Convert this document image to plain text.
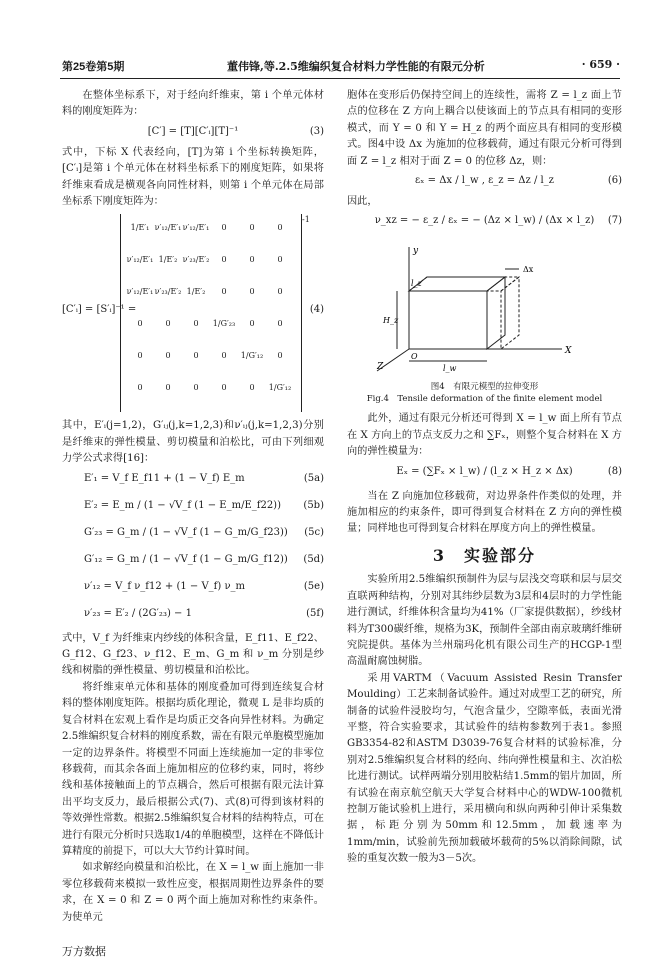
第25卷第5期	董伟锋,等.2.5维编织复合材料力学性能的有限元分析	· 659 ·

在整体坐标系下，对于经向纤维束，第 i 个单元体材料的刚度矩阵为：

[C′] = [T][C′ᵢ][T]⁻¹	(3)

式中，下标 X 代表经向，[T]为第 i 个坐标转换矩阵，[C′ᵢ]是第 i 个单元体在材料坐标系下的刚度矩阵，如果将纤维束看成是横观各向同性材料，则第 i 个单元体在局部坐标系下刚度矩阵为：

[C′ᵢ] = [S′ᵢ]⁻¹ =
1/E′₁ ν′₁₂/E′₁ ν′₁₂/E′₁	0	0	0
ν′₁₂/E′₁ 1/E′₂ ν′₂₃/E′₂	0	0	0
ν′₁₂/E′₁ ν′₂₃/E′₂ 1/E′₂	0	0	0
0	0	0	1/G′₂₃	0	0
0	0	0	0	1/G′₁₂	0
0	0	0	0	0	1/G′₁₂
-1
(4)

其中，E′ᵢ(j=1,2)，G′ᵢⱼ(j,k=1,2,3)和ν′ᵢⱼ(j,k=1,2,3)分别是纤维束的弹性模量、剪切模量和泊松比，可由下列细观力学公式求得[16]：

E′₁ = V_f E_f11 + (1 − V_f) E_m	(5a)
E′₂ = E_m / (1 − √V_f (1 − E_m/E_f22))	(5b)
G′₂₃ = G_m / (1 − √V_f (1 − G_m/G_f23))	(5c)
G′₁₂ = G_m / (1 − √V_f (1 − G_m/G_f12))	(5d)
ν′₁₂ = V_f ν_f12 + (1 − V_f) ν_m	(5e)
ν′₂₃ = E′₂ / (2G′₂₃) − 1	(5f)

式中，V_f 为纤维束内纱线的体积含量，E_f11、E_f22、G_f12、G_f23、ν_f12、E_m、G_m 和 ν_m 分别是纱线和树脂的弹性模量、剪切模量和泊松比。

将纤维束单元体和基体的刚度叠加可得到连续复合材料的整体刚度矩阵。根据均质化理论，微观 L 是非均质的复合材料在宏观上看作是均质正交各向异性材料。为确定2.5维编织复合材料的刚度系数，需在有限元单胞模型施加一定的边界条件。将模型不同面上连续施加一定的非零位移载荷，而其余各面上施加相应的位移约束，同时，将纱线和基体接触面上的节点耦合，然后可根据有限元法计算出平均支反力，最后根据公式(7)、式(8)可得到该材料的等效弹性常数。根据2.5维编织复合材料的结构特点，可在进行有限元分析时只选取1/4的单胞模型，这样在不降低计算精度的前提下，可以大大节约计算时间。

如求解经向模量和泊松比，在 X = l_w 面上施加一非零位移载荷来模拟一致性应变，根据周期性边界条件的要求，在 X = 0 和 Z = 0 两个面上施加对称性约束条件。为使单元

胞体在变形后仍保持空间上的连续性，需将 Z = l_z 面上节点的位移在 Z 方向上耦合以使该面上的节点具有相同的变形模式，而 Y = 0 和 Y = H_z 的两个面应具有相同的变形模式。图4中设 Δx 为施加的位移载荷，通过有限元分析可得到面 Z = l_z 相对于面 Z = 0 的位移 Δz，则：

εₓ = Δx / l_w , ε_z = Δz / l_z	(6)

因此，

ν_xz = − ε_z / εₓ = − (Δz × l_w) / (Δx × l_z)	(7)
y
Z
X
Δx
l_z
H_z
l_w
O
图4　有限元模型的拉伸变形
Fig.4　Tensile deformation of the finite element model

此外，通过有限元分析还可得到 X = l_w 面上所有节点在 X 方向上的节点支反力之和 ∑Fₓ，则整个复合材料在 X 方向的弹性模量为：

Eₓ = (∑Fₓ × l_w) / (l_z × H_z × Δx)	(8)

当在 Z 向施加位移载荷，对边界条件作类似的处理，并施加相应的约束条件，即可得到复合材料在 Z 方向的弹性模量；同样地也可得到复合材料在厚度方向上的弹性模量。

3　实验部分

实验所用2.5维编织预制件为层与层浅交弯联和层与层交直联两种结构，分别对其纬纱层数为3层和4层时的力学性能进行测试，纤维体积含量均为41%（厂家提供数据），纱线材料为T300碳纤维，规格为3K，预制件全部由南京玻璃纤维研究院提供。基体为兰州瑞玛化机有限公司生产的HCGP-1型高温耐腐蚀树脂。

采用VARTM（Vacuum Assisted Resin Transfer Moulding）工艺来制备试验件。通过对成型工艺的研究，所制备的试验件浸胶均匀，气泡含量少，空隙率低，表面光滑平整，符合实验要求，其试验件的结构参数列于表1。参照GB3354-82和ASTM D3039-76复合材料的试验标准，分别对2.5维编织复合材料的经向、纬向弹性模量和主、次泊松比进行测试。试样两端分别用胶粘结1.5mm的铝片加固，所有试验在南京航空航天大学复合材料中心的WDW-100微机控制万能试验机上进行，采用横向和纵向两种引伸计采集数据，标距分别为50mm和12.5mm，加载速率为1mm/min，试验前先预加载破坏载荷的5%以消除间隙，试验的重复次数一般为3－5次。

万方数据
